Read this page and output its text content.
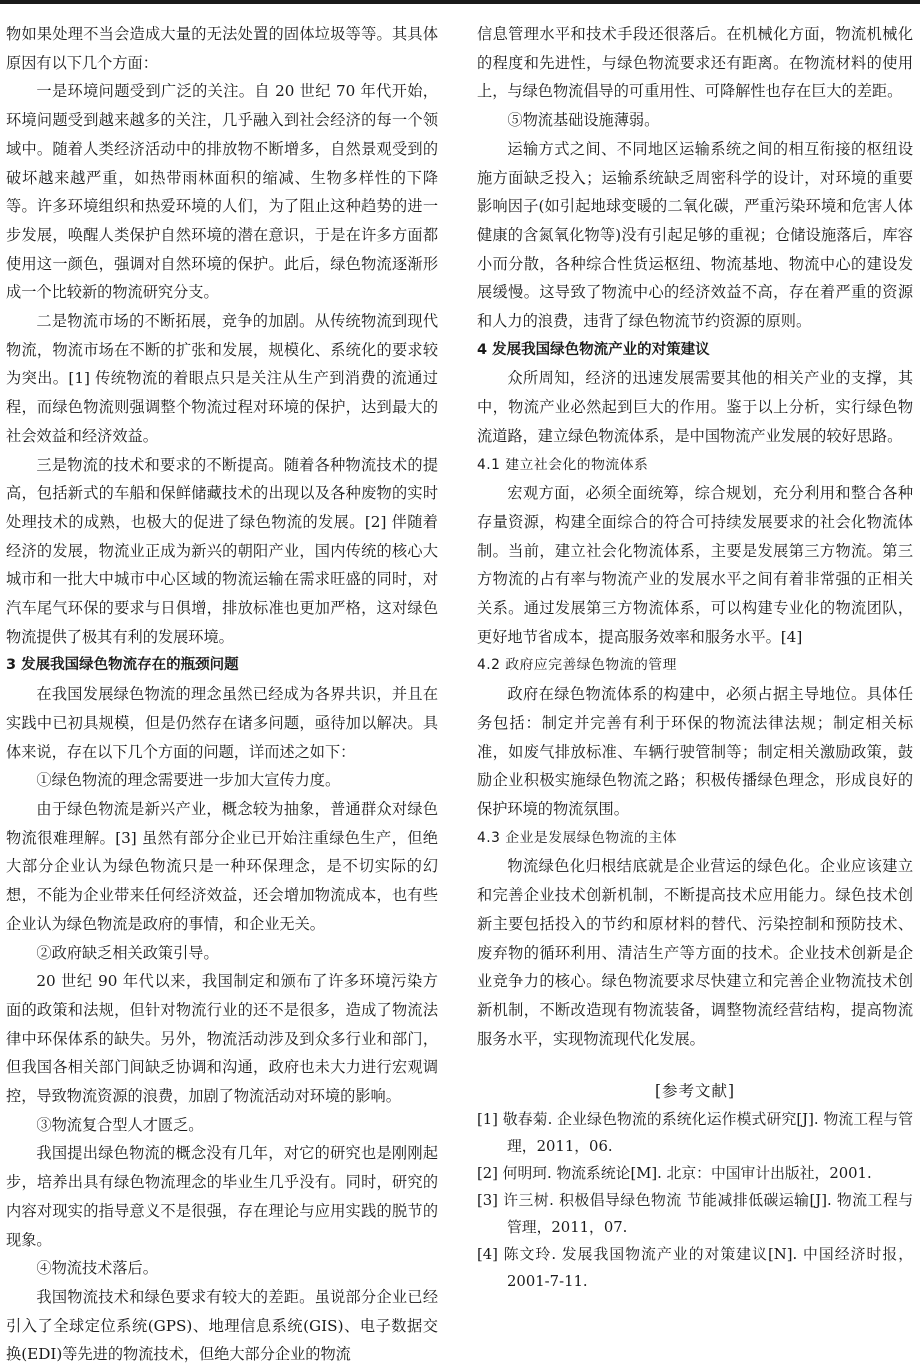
物如果处理不当会造成大量的无法处置的固体垃圾等等。其具体原因有以下几个方面：

一是环境问题受到广泛的关注。自 20 世纪 70 年代开始，环境问题受到越来越多的关注，几乎融入到社会经济的每一个领域中。随着人类经济活动中的排放物不断增多，自然景观受到的破坏越来越严重，如热带雨林面积的缩减、生物多样性的下降等。许多环境组织和热爱环境的人们，为了阻止这种趋势的进一步发展，唤醒人类保护自然环境的潜在意识，于是在许多方面都使用这一颜色，强调对自然环境的保护。此后，绿色物流逐渐形成一个比较新的物流研究分支。

二是物流市场的不断拓展，竞争的加剧。从传统物流到现代物流，物流市场在不断的扩张和发展，规模化、系统化的要求较为突出。[1] 传统物流的着眼点只是关注从生产到消费的流通过程，而绿色物流则强调整个物流过程对环境的保护，达到最大的社会效益和经济效益。

三是物流的技术和要求的不断提高。随着各种物流技术的提高，包括新式的车船和保鲜储藏技术的出现以及各种废物的实时处理技术的成熟，也极大的促进了绿色物流的发展。[2] 伴随着经济的发展，物流业正成为新兴的朝阳产业，国内传统的核心大城市和一批大中城市中心区域的物流运输在需求旺盛的同时，对汽车尾气环保的要求与日俱增，排放标准也更加严格，这对绿色物流提供了极其有利的发展环境。

3 发展我国绿色物流存在的瓶颈问题

在我国发展绿色物流的理念虽然已经成为各界共识，并且在实践中已初具规模，但是仍然存在诸多问题，亟待加以解决。具体来说，存在以下几个方面的问题，详而述之如下：

①绿色物流的理念需要进一步加大宣传力度。

由于绿色物流是新兴产业，概念较为抽象，普通群众对绿色物流很难理解。[3] 虽然有部分企业已开始注重绿色生产，但绝大部分企业认为绿色物流只是一种环保理念，是不切实际的幻想，不能为企业带来任何经济效益，还会增加物流成本，也有些企业认为绿色物流是政府的事情，和企业无关。

②政府缺乏相关政策引导。

20 世纪 90 年代以来，我国制定和颁布了许多环境污染方面的政策和法规，但针对物流行业的还不是很多，造成了物流法律中环保体系的缺失。另外，物流活动涉及到众多行业和部门，但我国各相关部门间缺乏协调和沟通，政府也未大力进行宏观调控，导致物流资源的浪费，加剧了物流活动对环境的影响。

③物流复合型人才匮乏。

我国提出绿色物流的概念没有几年，对它的研究也是刚刚起步，培养出具有绿色物流理念的毕业生几乎没有。同时，研究的内容对现实的指导意义不是很强，存在理论与应用实践的脱节的现象。

④物流技术落后。

我国物流技术和绿色要求有较大的差距。虽说部分企业已经引入了全球定位系统(GPS)、地理信息系统(GIS)、电子数据交换(EDI)等先进的物流技术，但绝大部分企业的物流

信息管理水平和技术手段还很落后。在机械化方面，物流机械化的程度和先进性，与绿色物流要求还有距离。在物流材料的使用上，与绿色物流倡导的可重用性、可降解性也存在巨大的差距。

⑤物流基础设施薄弱。

运输方式之间、不同地区运输系统之间的相互衔接的枢纽设施方面缺乏投入；运输系统缺乏周密科学的设计，对环境的重要影响因子(如引起地球变暖的二氧化碳，严重污染环境和危害人体健康的含氮氧化物等)没有引起足够的重视；仓储设施落后，库容小而分散，各种综合性货运枢纽、物流基地、物流中心的建设发展缓慢。这导致了物流中心的经济效益不高，存在着严重的资源和人力的浪费，违背了绿色物流节约资源的原则。

4 发展我国绿色物流产业的对策建议

众所周知，经济的迅速发展需要其他的相关产业的支撑，其中，物流产业必然起到巨大的作用。鉴于以上分析，实行绿色物流道路，建立绿色物流体系，是中国物流产业发展的较好思路。

4.1 建立社会化的物流体系

宏观方面，必须全面统筹，综合规划，充分利用和整合各种存量资源，构建全面综合的符合可持续发展要求的社会化物流体制。当前，建立社会化物流体系，主要是发展第三方物流。第三方物流的占有率与物流产业的发展水平之间有着非常强的正相关关系。通过发展第三方物流体系，可以构建专业化的物流团队，更好地节省成本，提高服务效率和服务水平。[4]

4.2 政府应完善绿色物流的管理

政府在绿色物流体系的构建中，必须占据主导地位。具体任务包括：制定并完善有利于环保的物流法律法规；制定相关标准，如废气排放标准、车辆行驶管制等；制定相关激励政策，鼓励企业积极实施绿色物流之路；积极传播绿色理念，形成良好的保护环境的物流氛围。

4.3 企业是发展绿色物流的主体

物流绿色化归根结底就是企业营运的绿色化。企业应该建立和完善企业技术创新机制，不断提高技术应用能力。绿色技术创新主要包括投入的节约和原材料的替代、污染控制和预防技术、废弃物的循环利用、清洁生产等方面的技术。企业技术创新是企业竞争力的核心。绿色物流要求尽快建立和完善企业物流技术创新机制，不断改造现有物流装备，调整物流经营结构，提高物流服务水平，实现物流现代化发展。

[参考文献]

[1] 敬春菊. 企业绿色物流的系统化运作模式研究[J]. 物流工程与管理，2011，06.

[2] 何明珂. 物流系统论[M]. 北京：中国审计出版社，2001.

[3] 许三树. 积极倡导绿色物流 节能减排低碳运输[J]. 物流工程与管理，2011，07.

[4] 陈文玲. 发展我国物流产业的对策建议[N]. 中国经济时报，2001-7-11.
